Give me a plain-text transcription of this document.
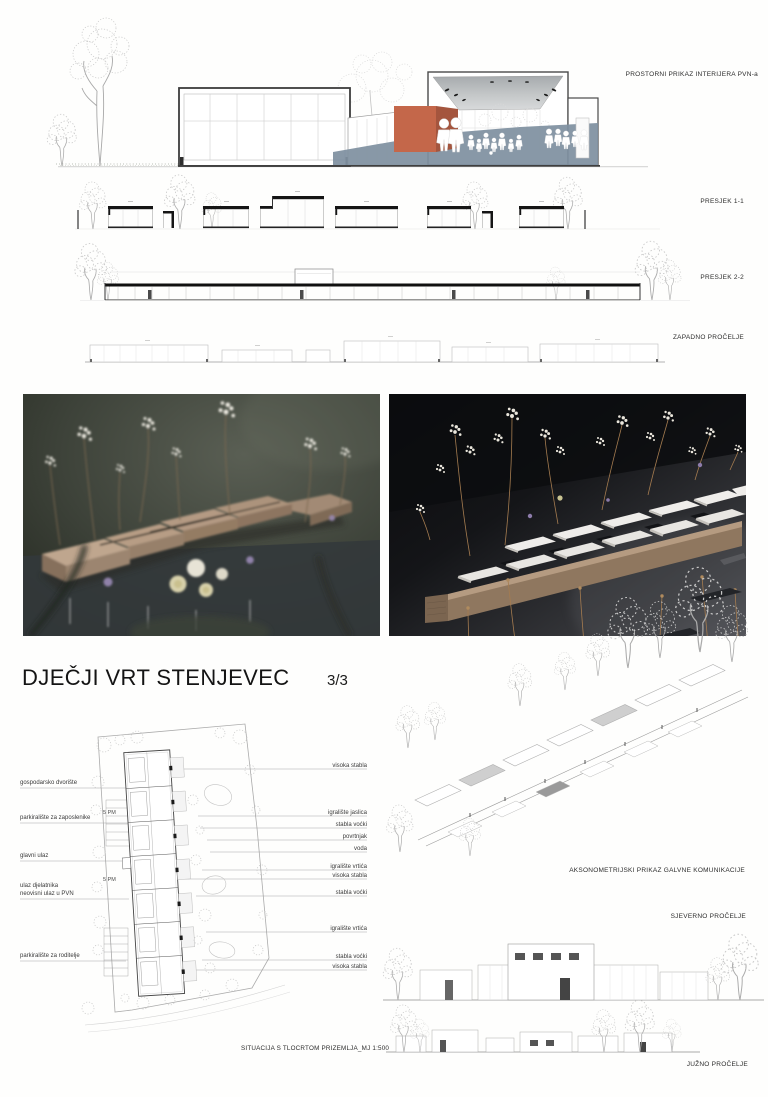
PROSTORNI PRIKAZ INTERIJERA PVN-a
PRESJEK 1-1
PRESJEK 2-2
ZAPADNO PROČELJE
AKSONOMETRIJSKI PRIKAZ GALVNE KOMUNIKACIJE
SJEVERNO PROČELJE
JUŽNO PROČELJE
DJEČJI VRT STENJEVEC 3/3
SITUACIJA S TLOCRTOM PRIZEMLJA_MJ 1:500
gospodarsko dvorište
parkiralište za zaposlenike
glavni ulaz
ulaz djelatnika
neovisni ulaz u PVN
parkiralište za roditelje
5 PM
5 PM
visoka stabla
igralište jaslica
stabla voćki
povrtnjak
voda
igralište vrtića
visoka stabla
stabla voćki
igralište vrtića
stabla voćki
visoka stabla
